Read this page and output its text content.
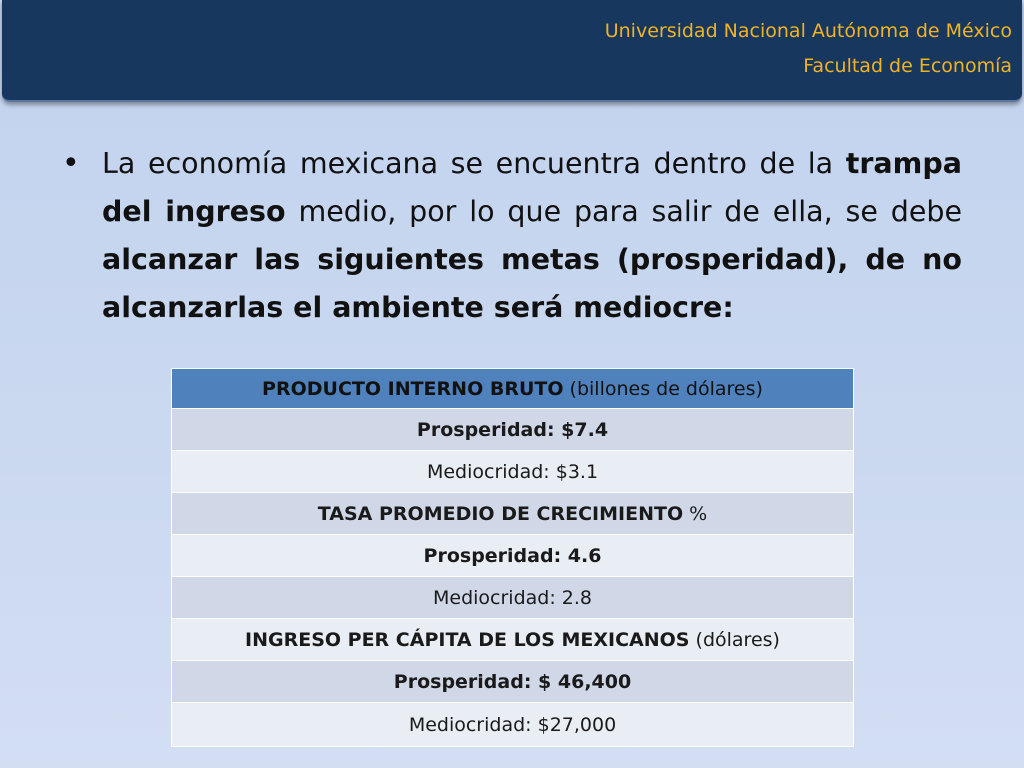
Universidad Nacional Autónoma de México
Facultad de Economía
• La economía mexicana se encuentra dentro de la trampa del ingreso medio, por lo que para salir de ella, se debe alcanzar las siguientes metas (prosperidad), de no alcanzarlas el ambiente será mediocre:

PRODUCTO INTERNO BRUTO (billones de dólares)
Prosperidad: $7.4
Mediocridad: $3.1
TASA PROMEDIO DE CRECIMIENTO %
Prosperidad: 4.6
Mediocridad: 2.8
INGRESO PER CÁPITA DE LOS MEXICANOS (dólares)
Prosperidad: $ 46,400
Mediocridad: $27,000
